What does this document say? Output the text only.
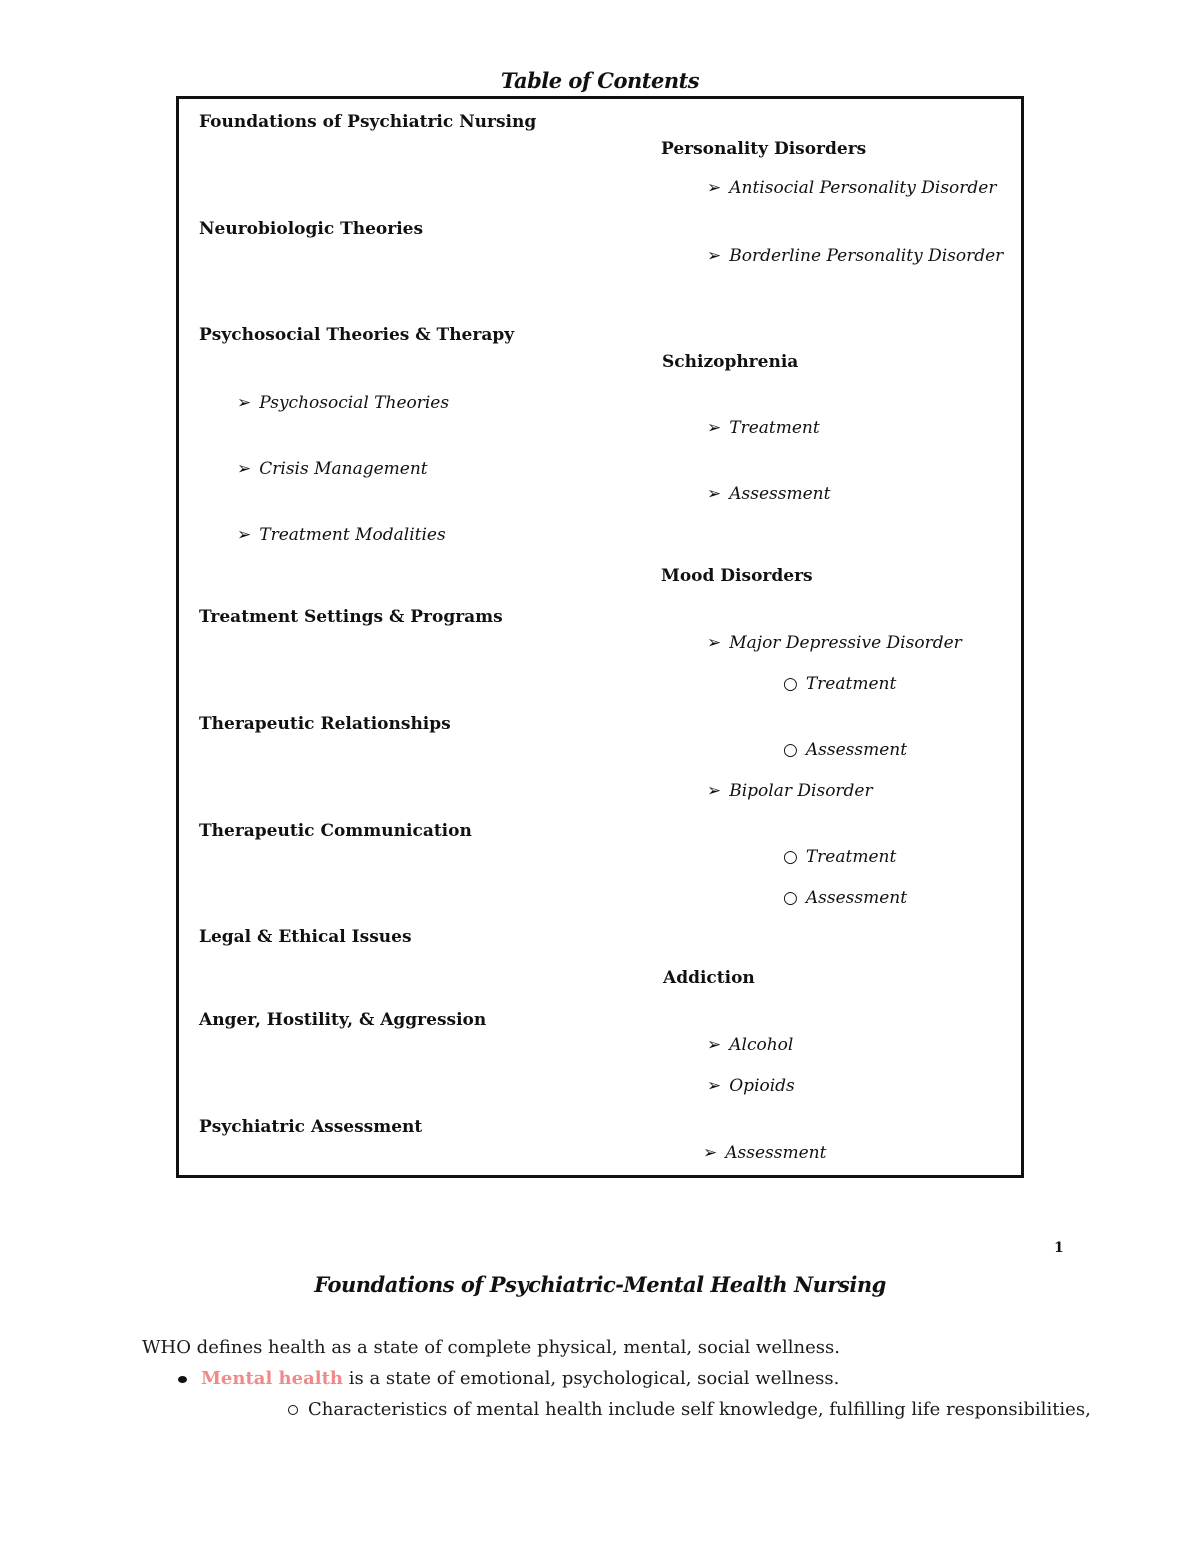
Table of Contents
Foundations of Psychiatric Nursing
Neurobiologic Theories
Psychosocial Theories & Therapy
➢ Psychosocial Theories
➢ Crisis Management
➢ Treatment Modalities
Treatment Settings & Programs
Therapeutic Relationships
Therapeutic Communication
Legal & Ethical Issues
Anger, Hostility, & Aggression
Psychiatric Assessment
Personality Disorders
➢ Antisocial Personality Disorder
➢ Borderline Personality Disorder
Schizophrenia
➢ Treatment
➢ Assessment
Mood Disorders
➢ Major Depressive Disorder
○ Treatment
○ Assessment
➢ Bipolar Disorder
○ Treatment
○ Assessment
Addiction
➢ Alcohol
➢ Opioids
➢ Assessment
1
Foundations of Psychiatric-Mental Health Nursing
WHO defines health as a state of complete physical, mental, social wellness.
Mental health is a state of emotional, psychological, social wellness.
Characteristics of mental health include self knowledge, fulfilling life responsibilities,
